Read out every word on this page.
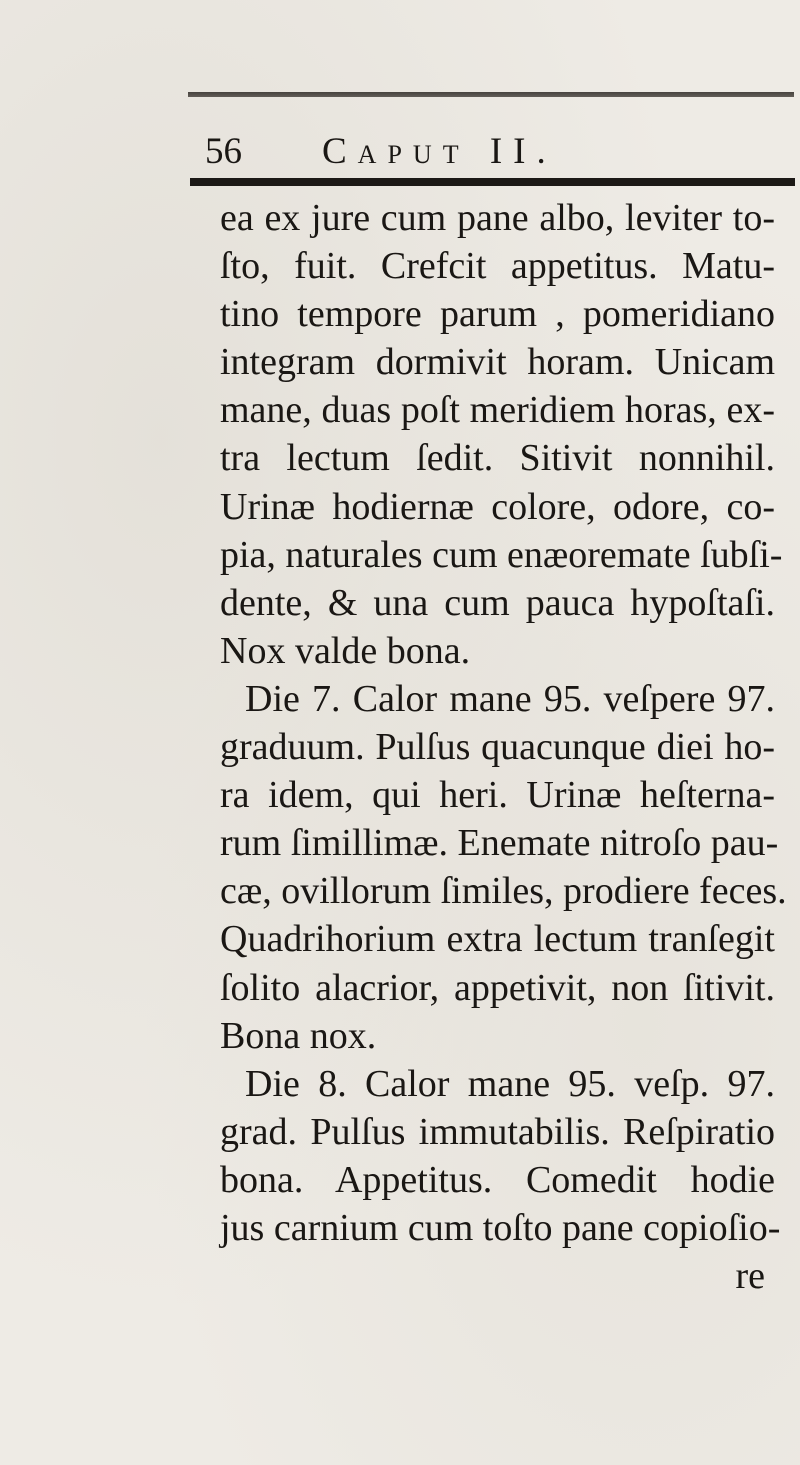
56 Caput II.
ea ex jure cum pane albo, leviter to-
ſto, fuit. Crefcit appetitus. Matu-
tino tempore parum , pomeridiano
integram dormivit horam. Unicam
mane, duas poſt meridiem horas, ex-
tra lectum ſedit. Sitivit nonnihil.
Urinæ hodiernæ colore, odore, co-
pia, naturales cum enæoremate ſubſi-
dente, & una cum pauca hypoſtaſi.
Nox valde bona.
Die 7. Calor mane 95. veſpere 97.
graduum. Pulſus quacunque diei ho-
ra idem, qui heri. Urinæ heſterna-
rum ſimillimæ. Enemate nitroſo pau-
cæ, ovillorum ſimiles, prodiere feces.
Quadrihorium extra lectum tranſegit
ſolito alacrior, appetivit, non ſitivit.
Bona nox.
Die 8. Calor mane 95. veſp. 97.
grad. Pulſus immutabilis. Reſpiratio
bona. Appetitus. Comedit hodie
jus carnium cum toſto pane copioſio-
re
